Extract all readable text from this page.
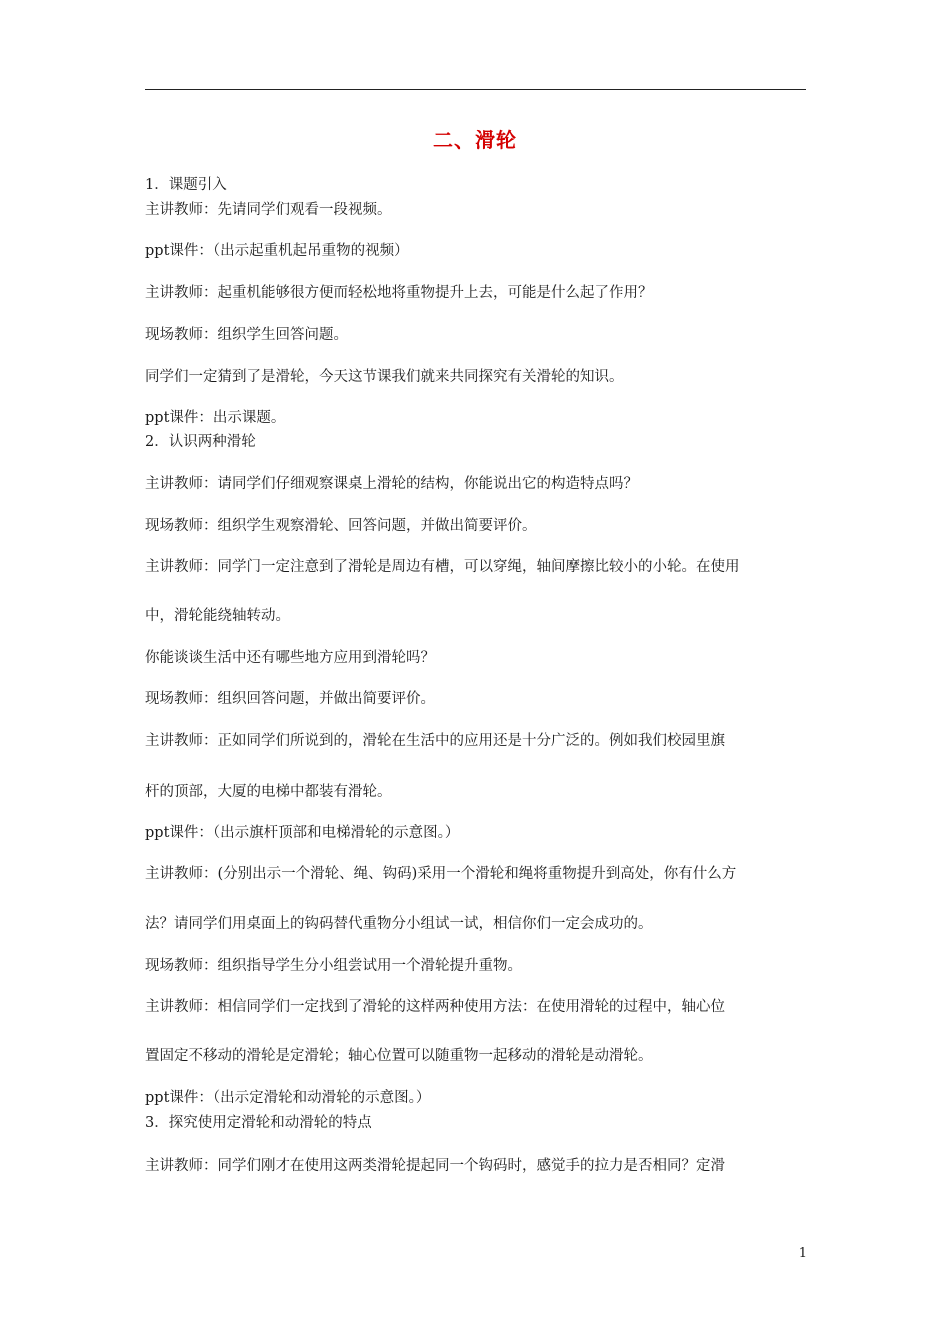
二、滑轮
1．课题引入
主讲教师：先请同学们观看一段视频。
ppt课件：（出示起重机起吊重物的视频）
主讲教师：起重机能够很方便而轻松地将重物提升上去，可能是什么起了作用？
现场教师：组织学生回答问题。
同学们一定猜到了是滑轮，今天这节课我们就来共同探究有关滑轮的知识。
ppt课件：出示课题。
2．认识两种滑轮
主讲教师：请同学们仔细观察课桌上滑轮的结构，你能说出它的构造特点吗？
现场教师：组织学生观察滑轮、回答问题，并做出简要评价。
主讲教师：同学门一定注意到了滑轮是周边有槽，可以穿绳，轴间摩擦比较小的小轮。在使用
中，滑轮能绕轴转动。
你能谈谈生活中还有哪些地方应用到滑轮吗？
现场教师：组织回答问题，并做出简要评价。
主讲教师：正如同学们所说到的，滑轮在生活中的应用还是十分广泛的。例如我们校园里旗
杆的顶部，大厦的电梯中都装有滑轮。
ppt课件：（出示旗杆顶部和电梯滑轮的示意图。）
主讲教师：(分别出示一个滑轮、绳、钩码)采用一个滑轮和绳将重物提升到高处，你有什么方
法？请同学们用桌面上的钩码替代重物分小组试一试，相信你们一定会成功的。
现场教师：组织指导学生分小组尝试用一个滑轮提升重物。
主讲教师：相信同学们一定找到了滑轮的这样两种使用方法：在使用滑轮的过程中，轴心位
置固定不移动的滑轮是定滑轮；轴心位置可以随重物一起移动的滑轮是动滑轮。
ppt课件：（出示定滑轮和动滑轮的示意图。）
3．探究使用定滑轮和动滑轮的特点
主讲教师：同学们刚才在使用这两类滑轮提起同一个钩码时，感觉手的拉力是否相同？定滑
1
